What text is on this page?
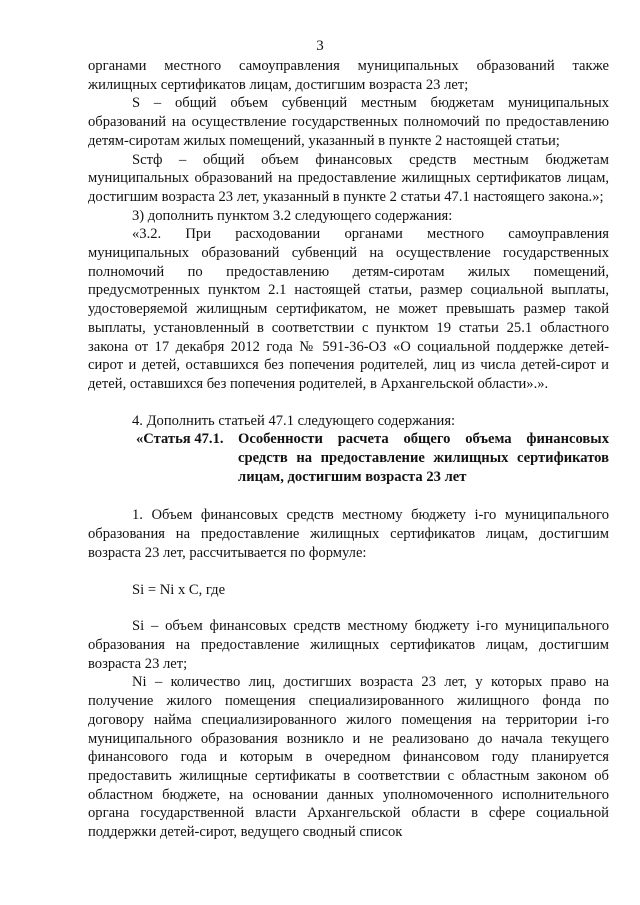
3

органами местного самоуправления муниципальных образований также жилищных сертификатов лицам, достигшим возраста 23 лет;

S – общий объем субвенций местным бюджетам муниципальных образований на осуществление государственных полномочий по предоставлению детям-сиротам жилых помещений, указанный в пункте 2 настоящей статьи;

Sстф – общий объем финансовых средств местным бюджетам муниципальных образований на предоставление жилищных сертификатов лицам, достигшим возраста 23 лет, указанный в пункте 2 статьи 47.1 настоящего закона.»;

3) дополнить пунктом 3.2 следующего содержания:

«3.2. При расходовании органами местного самоуправления муниципальных образований субвенций на осуществление государственных полномочий по предоставлению детям-сиротам жилых помещений, предусмотренных пунктом 2.1 настоящей статьи, размер социальной выплаты, удостоверяемой жилищным сертификатом, не может превышать размер такой выплаты, установленный в соответствии с пунктом 19 статьи 25.1 областного закона от 17 декабря 2012 года № 591-36-ОЗ «О социальной поддержке детей-сирот и детей, оставшихся без попечения родителей, лиц из числа детей-сирот и детей, оставшихся без попечения родителей, в Архангельской области».».

4. Дополнить статьей 47.1 следующего содержания:

«Статья 47.1. Особенности расчета общего объема финансовых средств на предоставление жилищных сертификатов лицам, достигшим возраста 23 лет

1. Объем финансовых средств местному бюджету i-го муниципального образования на предоставление жилищных сертификатов лицам, достигшим возраста 23 лет, рассчитывается по формуле:

Si = Ni x C, где

Si – объем финансовых средств местному бюджету i-го муниципального образования на предоставление жилищных сертификатов лицам, достигшим возраста 23 лет;

Ni – количество лиц, достигших возраста 23 лет, у которых право на получение жилого помещения специализированного жилищного фонда по договору найма специализированного жилого помещения на территории i-го муниципального образования возникло и не реализовано до начала текущего финансового года и которым в очередном финансовом году планируется предоставить жилищные сертификаты в соответствии с областным законом об областном бюджете, на основании данных уполномоченного исполнительного органа государственной власти Архангельской области в сфере социальной поддержки детей-сирот, ведущего сводный список
